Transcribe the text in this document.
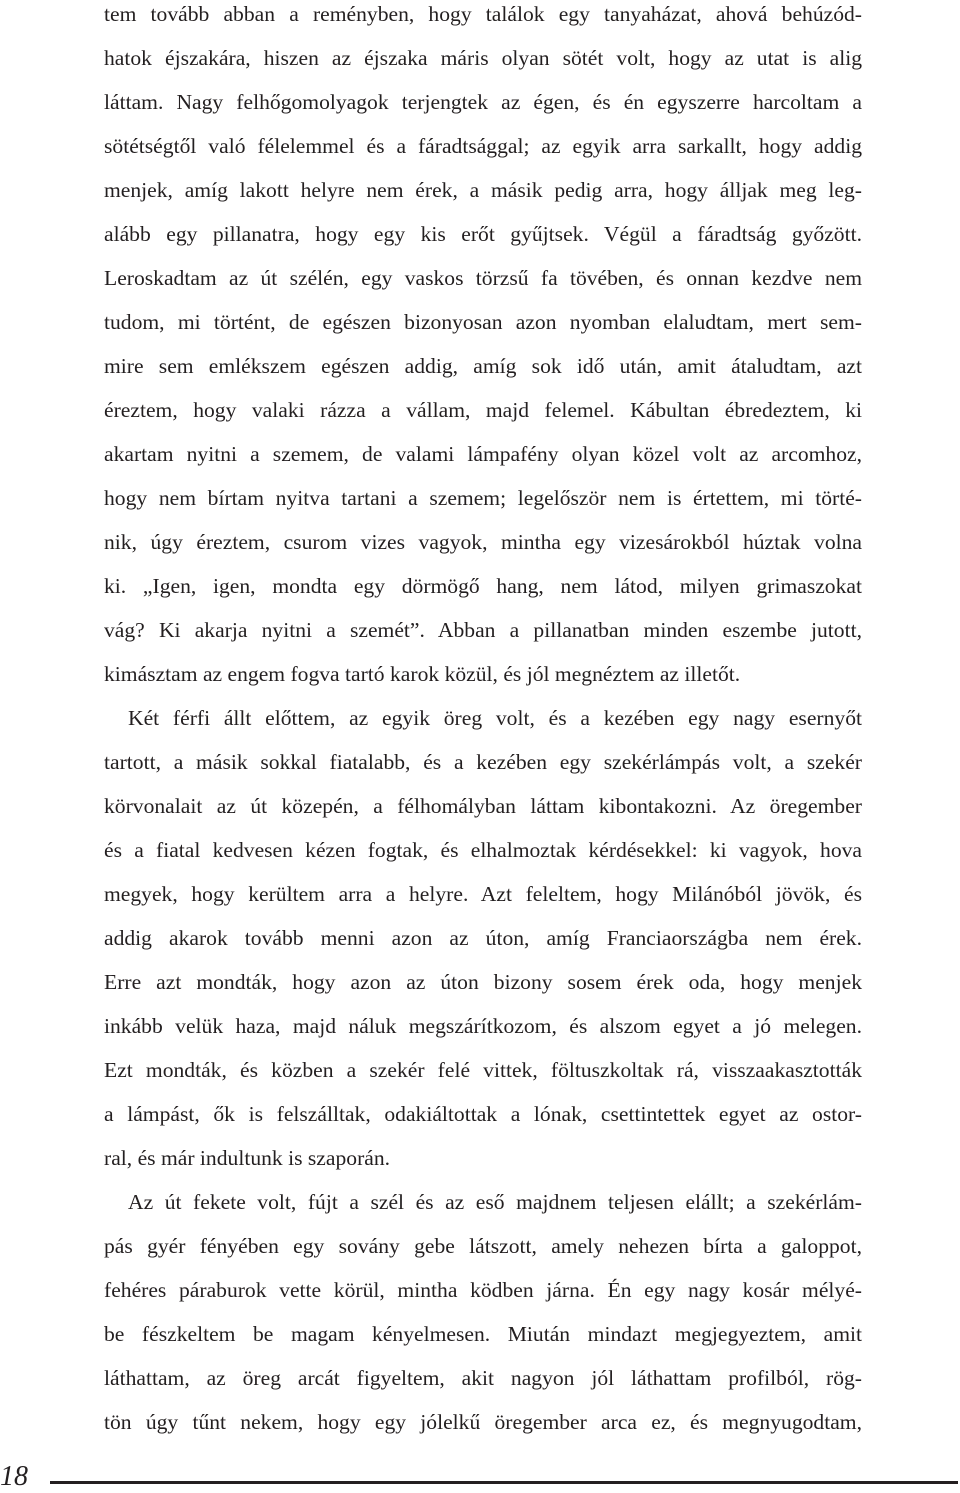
tem tovább abban a reményben, hogy találok egy tanyaházat, ahová behúzód-

hatok éjszakára, hiszen az éjszaka máris olyan sötét volt, hogy az utat is alig

láttam. Nagy felhőgomolyagok terjengtek az égen, és én egyszerre harcoltam a

sötétségtől való félelemmel és a fáradtsággal; az egyik arra sarkallt, hogy addig

menjek, amíg lakott helyre nem érek, a másik pedig arra, hogy álljak meg leg-

alább egy pillanatra, hogy egy kis erőt gyűjtsek. Végül a fáradtság győzött.

Leroskadtam az út szélén, egy vaskos törzsű fa tövében, és onnan kezdve nem

tudom, mi történt, de egészen bizonyosan azon nyomban elaludtam, mert sem-

mire sem emlékszem egészen addig, amíg sok idő után, amit átaludtam, azt

éreztem, hogy valaki rázza a vállam, majd felemel. Kábultan ébredeztem, ki

akartam nyitni a szemem, de valami lámpafény olyan közel volt az arcomhoz,

hogy nem bírtam nyitva tartani a szemem; legelőször nem is értettem, mi törté-

nik, úgy éreztem, csurom vizes vagyok, mintha egy vizesárokból húztak volna

ki. „Igen, igen, mondta egy dörmögő hang, nem látod, milyen grimaszokat

vág? Ki akarja nyitni a szemét”. Abban a pillanatban minden eszembe jutott,

kimásztam az engem fogva tartó karok közül, és jól megnéztem az illetőt.

Két férfi állt előttem, az egyik öreg volt, és a kezében egy nagy esernyőt

tartott, a másik sokkal fiatalabb, és a kezében egy szekérlámpás volt, a szekér

körvonalait az út közepén, a félhomályban láttam kibontakozni. Az öregember

és a fiatal kedvesen kézen fogtak, és elhalmoztak kérdésekkel: ki vagyok, hova

megyek, hogy kerültem arra a helyre. Azt feleltem, hogy Milánóból jövök, és

addig akarok tovább menni azon az úton, amíg Franciaországba nem érek.

Erre azt mondták, hogy azon az úton bizony sosem érek oda, hogy menjek

inkább velük haza, majd náluk megszárítkozom, és alszom egyet a jó melegen.

Ezt mondták, és közben a szekér felé vittek, föltuszkoltak rá, visszaakasztották

a lámpást, ők is felszálltak, odakiáltottak a lónak, csettintettek egyet az ostor-

ral, és már indultunk is szaporán.

Az út fekete volt, fújt a szél és az eső majdnem teljesen elállt; a szekérlám-

pás gyér fényében egy sovány gebe látszott, amely nehezen bírta a galoppot,

fehéres páraburok vette körül, mintha ködben járna. Én egy nagy kosár mélyé-

be fészkeltem be magam kényelmesen. Miután mindazt megjegyeztem, amit

láthattam, az öreg arcát figyeltem, akit nagyon jól láthattam profilból, rög-

tön úgy tűnt nekem, hogy egy jólelkű öregember arca ez, és megnyugodtam,

18
